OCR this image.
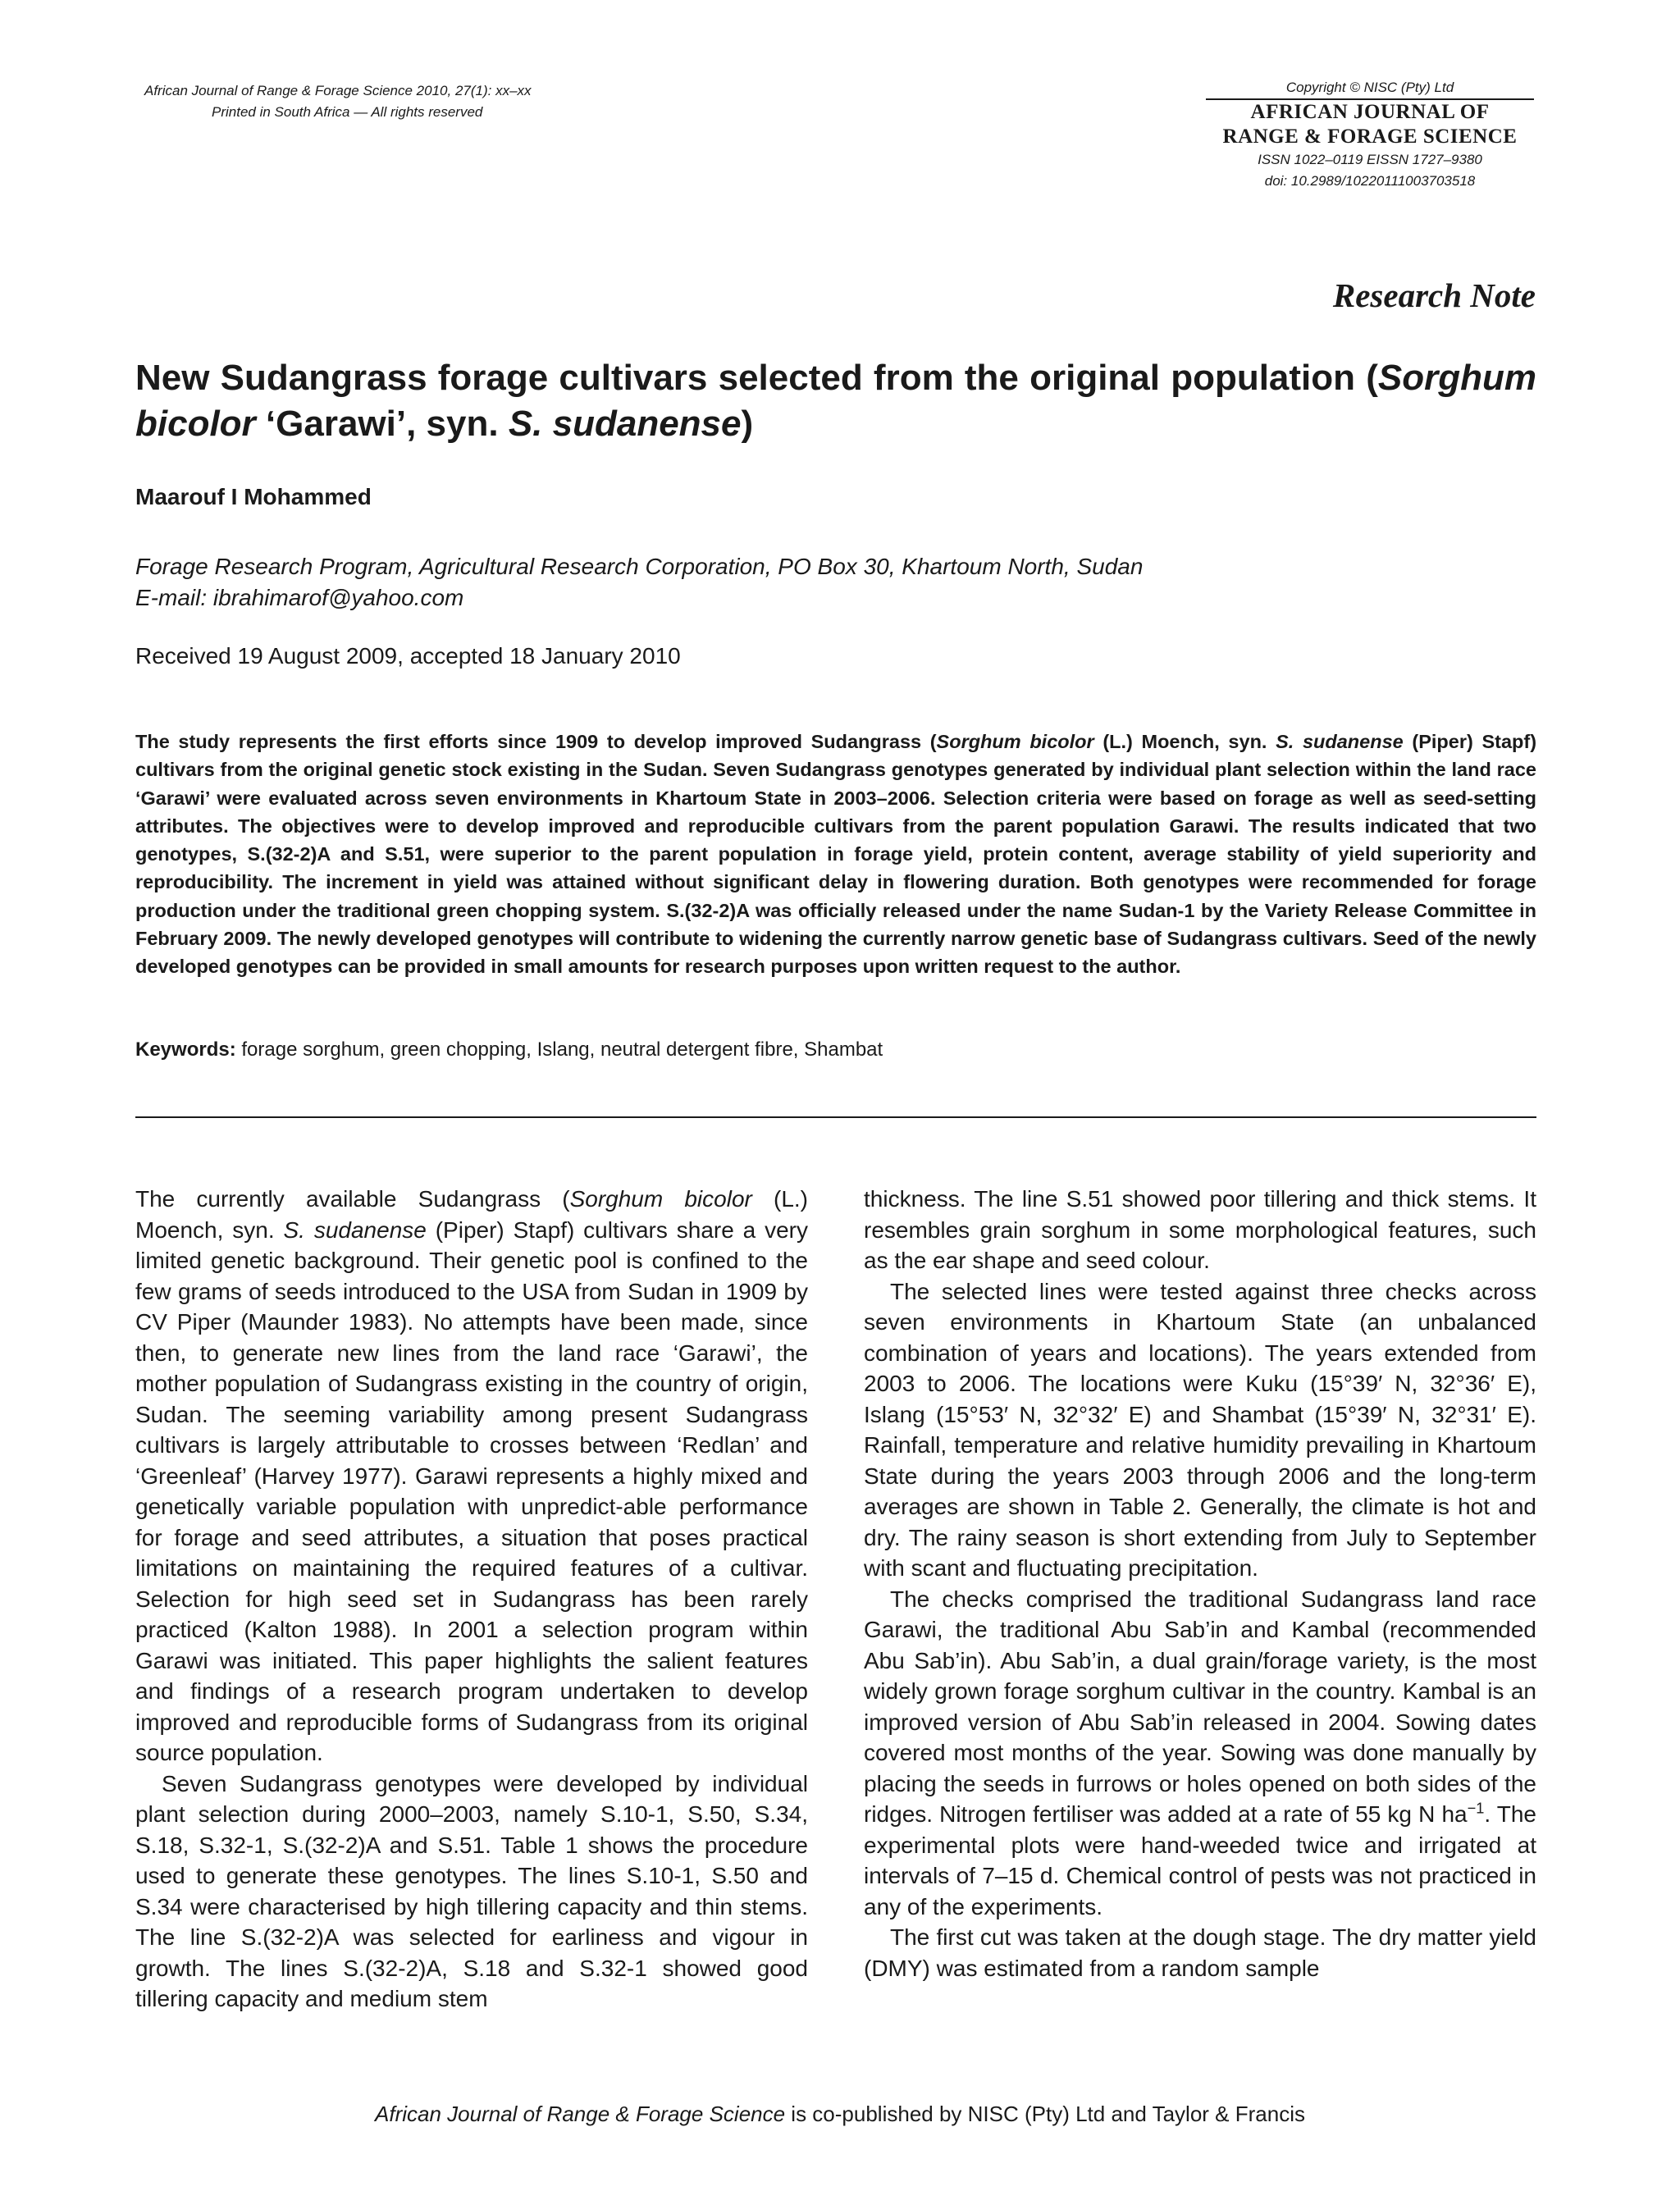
African Journal of Range & Forage Science 2010, 27(1): xx–xx
Printed in South Africa — All rights reserved
Copyright © NISC (Pty) Ltd
AFRICAN JOURNAL OF
RANGE & FORAGE SCIENCE
ISSN 1022–0119 EISSN 1727–9380
doi: 10.2989/10220111003703518
Research Note
New Sudangrass forage cultivars selected from the original population (Sorghum bicolor ‘Garawi’, syn. S. sudanense)
Maarouf I Mohammed
Forage Research Program, Agricultural Research Corporation, PO Box 30, Khartoum North, Sudan
E-mail: ibrahimarof@yahoo.com
Received 19 August 2009, accepted 18 January 2010
The study represents the first efforts since 1909 to develop improved Sudangrass (Sorghum bicolor (L.) Moench, syn. S. sudanense (Piper) Stapf) cultivars from the original genetic stock existing in the Sudan. Seven Sudangrass genotypes generated by individual plant selection within the land race ‘Garawi’ were evaluated across seven environments in Khartoum State in 2003–2006. Selection criteria were based on forage as well as seed-setting attributes. The objectives were to develop improved and reproducible cultivars from the parent population Garawi. The results indicated that two genotypes, S.(32-2)A and S.51, were superior to the parent population in forage yield, protein content, average stability of yield superiority and reproducibility. The increment in yield was attained without significant delay in flowering duration. Both genotypes were recommended for forage production under the traditional green chopping system. S.(32-2)A was officially released under the name Sudan-1 by the Variety Release Committee in February 2009. The newly developed genotypes will contribute to widening the currently narrow genetic base of Sudangrass cultivars. Seed of the newly developed genotypes can be provided in small amounts for research purposes upon written request to the author.
Keywords: forage sorghum, green chopping, Islang, neutral detergent fibre, Shambat

The currently available Sudangrass (Sorghum bicolor (L.) Moench, syn. S. sudanense (Piper) Stapf) cultivars share a very limited genetic background. Their genetic pool is confined to the few grams of seeds introduced to the USA from Sudan in 1909 by CV Piper (Maunder 1983). No attempts have been made, since then, to generate new lines from the land race ‘Garawi’, the mother population of Sudangrass existing in the country of origin, Sudan. The seeming variability among present Sudangrass cultivars is largely attributable to crosses between ‘Redlan’ and ‘Greenleaf’ (Harvey 1977). Garawi represents a highly mixed and genetically variable population with unpredict-able performance for forage and seed attributes, a situation that poses practical limitations on maintaining the required features of a cultivar. Selection for high seed set in Sudangrass has been rarely practiced (Kalton 1988). In 2001 a selection program within Garawi was initiated. This paper highlights the salient features and findings of a research program undertaken to develop improved and reproducible forms of Sudangrass from its original source population.

Seven Sudangrass genotypes were developed by individual plant selection during 2000–2003, namely S.10-1, S.50, S.34, S.18, S.32-1, S.(32-2)A and S.51. Table 1 shows the procedure used to generate these genotypes. The lines S.10-1, S.50 and S.34 were characterised by high tillering capacity and thin stems. The line S.(32-2)A was selected for earliness and vigour in growth. The lines S.(32-2)A, S.18 and S.32-1 showed good tillering capacity and medium stem

thickness. The line S.51 showed poor tillering and thick stems. It resembles grain sorghum in some morphological features, such as the ear shape and seed colour.

The selected lines were tested against three checks across seven environments in Khartoum State (an unbalanced combination of years and locations). The years extended from 2003 to 2006. The locations were Kuku (15°39′ N, 32°36′ E), Islang (15°53′ N, 32°32′ E) and Shambat (15°39′ N, 32°31′ E). Rainfall, temperature and relative humidity prevailing in Khartoum State during the years 2003 through 2006 and the long-term averages are shown in Table 2. Generally, the climate is hot and dry. The rainy season is short extending from July to September with scant and fluctuating precipitation.

The checks comprised the traditional Sudangrass land race Garawi, the traditional Abu Sab’in and Kambal (recommended Abu Sab’in). Abu Sab’in, a dual grain/forage variety, is the most widely grown forage sorghum cultivar in the country. Kambal is an improved version of Abu Sab’in released in 2004. Sowing dates covered most months of the year. Sowing was done manually by placing the seeds in furrows or holes opened on both sides of the ridges. Nitrogen fertiliser was added at a rate of 55 kg N $ha^{-1}$. The experimental plots were hand-weeded twice and irrigated at intervals of 7–15 d. Chemical control of pests was not practiced in any of the experiments.

The first cut was taken at the dough stage. The dry matter yield (DMY) was estimated from a random sample

African Journal of Range & Forage Science is co-published by NISC (Pty) Ltd and Taylor & Francis
